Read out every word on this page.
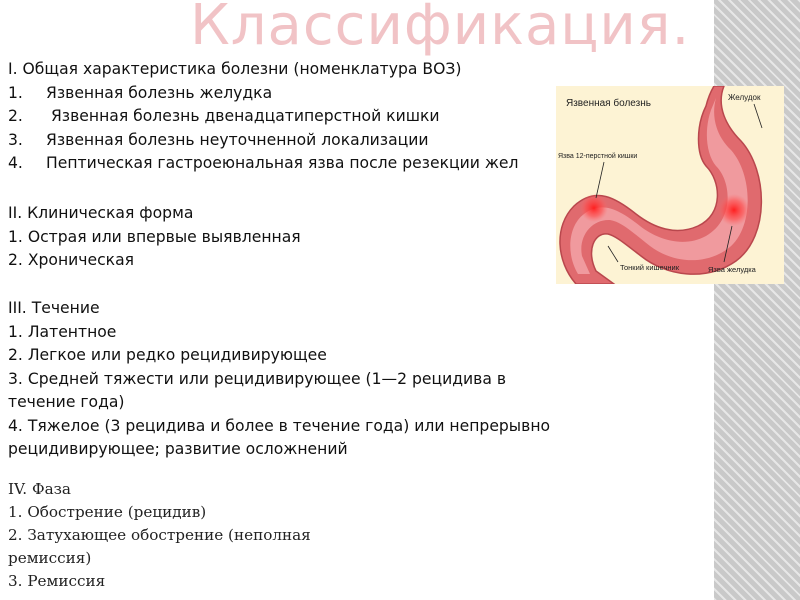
Классификация.
I. Общая характеристика болезни (номенклатура ВОЗ)
1. Язвенная болезнь желудка
2. Язвенная болезнь двенадцатиперстной кишки
3. Язвенная болезнь неуточненной локализации
4. Пептическая гастроеюнальная язва после резекции жел
II. Клиническая форма
1. Острая или впервые выявленная
2. Хроническая
III. Течение
1. Латентное
2. Легкое или редко рецидивирующее
3. Средней тяжести или рецидивирующее (1—2 рецидива в
течение года)
4. Тяжелое (3 рецидива и более в течение года) или непрерывно
рецидивирующее; развитие осложнений
IV. Фаза
1. Обострение (рецидив)
2. Затухающее обострение (неполная
ремиссия)
3. Ремиссия
Язвенная болезнь
Желудок
Язва 12-перстной кишки
Тонкий кишечник	Язва желудка
